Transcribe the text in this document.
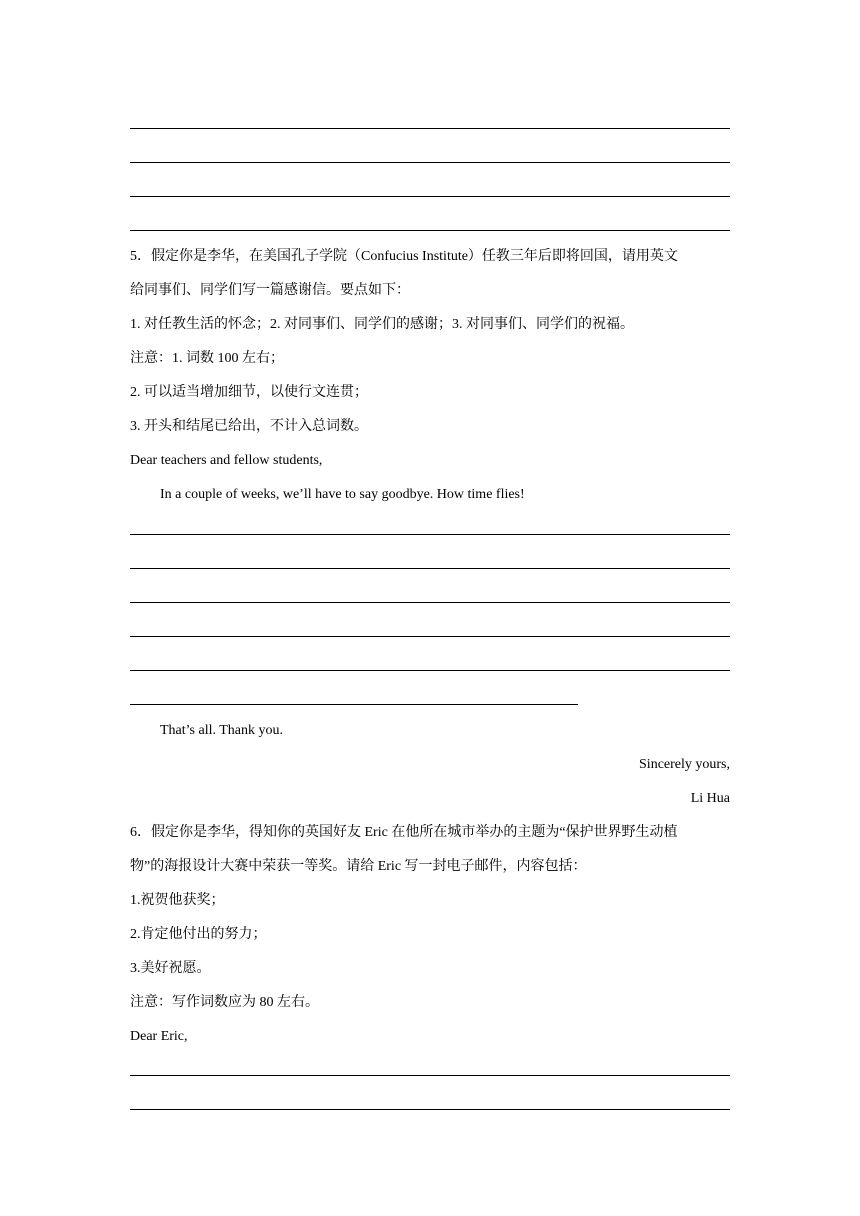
5．假定你是李华，在美国孔子学院（Confucius Institute）任教三年后即将回国，请用英文
给同事们、同学们写一篇感谢信。要点如下：
1. 对任教生活的怀念；2. 对同事们、同学们的感谢；3. 对同事们、同学们的祝福。
注意：1. 词数 100 左右；
2. 可以适当增加细节，以使行文连贯；
3. 开头和结尾已给出，不计入总词数。
Dear teachers and fellow students,
In a couple of weeks, we’ll have to say goodbye. How time flies!
That’s all. Thank you.
Sincerely yours,
Li Hua
6．假定你是李华，得知你的英国好友 Eric 在他所在城市举办的主题为“保护世界野生动植
物”的海报设计大赛中荣获一等奖。请给 Eric 写一封电子邮件，内容包括：
1.祝贺他获奖；
2.肯定他付出的努力；
3.美好祝愿。
注意：写作词数应为 80 左右。
Dear Eric,
